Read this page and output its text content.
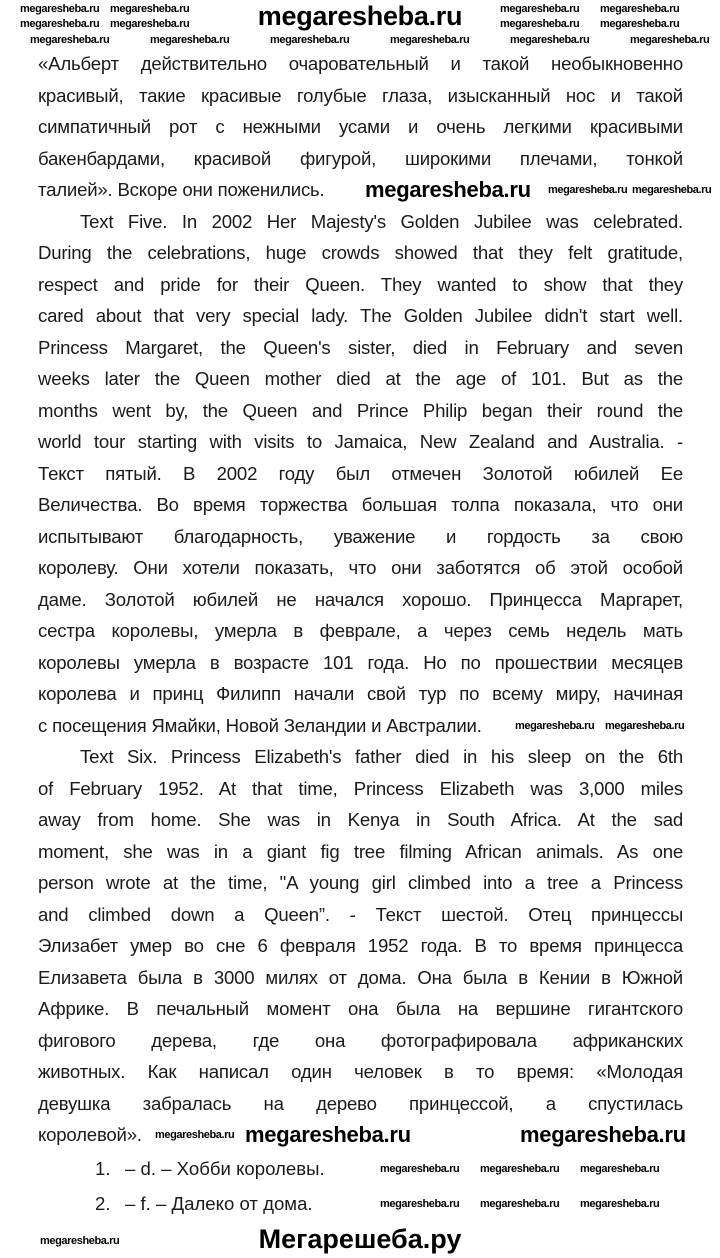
megaresheba.ru
«Альберт действительно очаровательный и такой необыкновенно
красивый, такие красивые голубые глаза, изысканный нос и такой
симпатичный рот с нежными усами и очень легкими красивыми
бакенбардами, красивой фигурой, широкими плечами, тонкой
талией». Вскоре они поженились.
Text Five. In 2002 Her Majesty's Golden Jubilee was celebrated.
During the celebrations, huge crowds showed that they felt gratitude,
respect and pride for their Queen. They wanted to show that they
cared about that very special lady. The Golden Jubilee didn't start well.
Princess Margaret, the Queen's sister, died in February and seven
weeks later the Queen mother died at the age of 101. But as the
months went by, the Queen and Prince Philip began their round the
world tour starting with visits to Jamaica, New Zealand and Australia. -
Текст пятый. В 2002 году был отмечен Золотой юбилей Ее
Величества. Во время торжества большая толпа показала, что они
испытывают благодарность, уважение и гордость за свою
королеву. Они хотели показать, что они заботятся об этой особой
даме. Золотой юбилей не начался хорошо. Принцесса Маргарет,
сестра королевы, умерла в феврале, а через семь недель мать
королевы умерла в возрасте 101 года. Но по прошествии месяцев
королева и принц Филипп начали свой тур по всему миру, начиная
с посещения Ямайки, Новой Зеландии и Австралии.
Text Six. Princess Elizabeth's father died in his sleep on the 6th
of February 1952. At that time, Princess Elizabeth was 3,000 miles
away from home. She was in Kenya in South Africa. At the sad
moment, she was in a giant fig tree filming African animals. As one
person wrote at the time, "A young girl climbed into a tree a Princess
and climbed down a Queen”. - Текст шестой. Отец принцессы
Элизабет умер во сне 6 февраля 1952 года. В то время принцесса
Елизавета была в 3000 милях от дома. Она была в Кении в Южной
Африке. В печальный момент она была на вершине гигантского
фигового дерева, где она фотографировала африканских
животных. Как написал один человек в то время: «Молодая
девушка забралась на дерево принцессой, а спустилась
королевой».
1. – d. – Хобби королевы.
2. – f. – Далеко от дома.
Мегарешеба.ру
megaresheba.ru megaresheba.ru	megaresheba.ru megaresheba.ru
megaresheba.ru megaresheba.ru	megaresheba.ru megaresheba.ru
megaresheba.ru	megaresheba.ru	megaresheba.ru	megaresheba.ru	megaresheba.ru	megaresheba.ru
megaresheba.ru megaresheba.ru megaresheba.ru
megaresheba.ru megaresheba.ru
megaresheba.ru megaresheba.ru	megaresheba.ru
megaresheba.ru megaresheba.ru megaresheba.ru
megaresheba.ru megaresheba.ru megaresheba.ru
megaresheba.ru
